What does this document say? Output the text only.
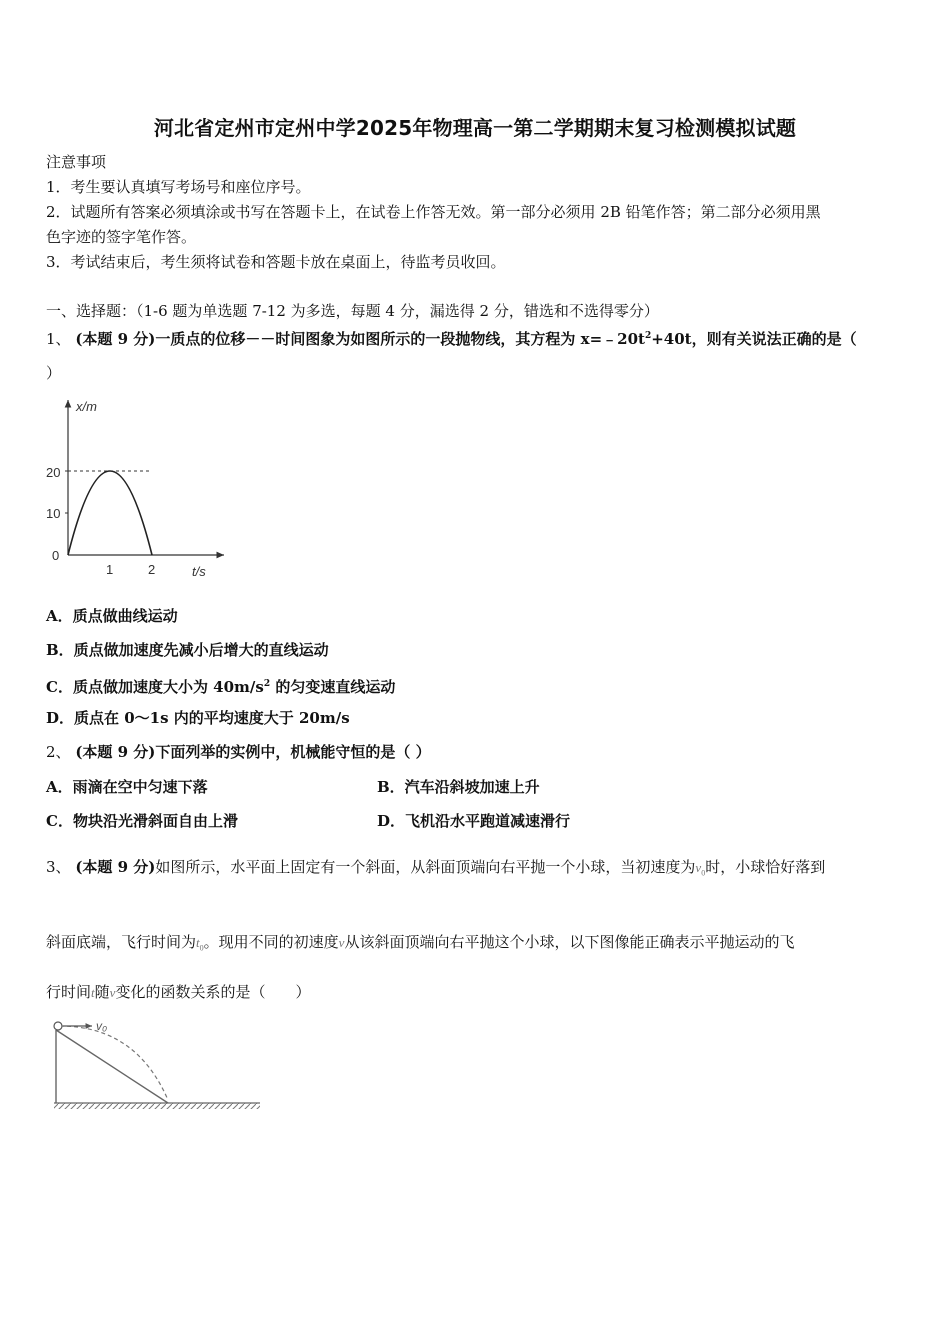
河北省定州市定州中学2025年物理高一第二学期期末复习检测模拟试题
注意事项
1．考生要认真填写考场号和座位序号。
2．试题所有答案必须填涂或书写在答题卡上，在试卷上作答无效。第一部分必须用 2B 铅笔作答；第二部分必须用黑
色字迹的签字笔作答。
3．考试结束后，考生须将试卷和答题卡放在桌面上，待监考员收回。
一、选择题：（1-6 题为单选题 7-12 为多选，每题 4 分，漏选得 2 分，错选和不选得零分）
1、 (本题 9 分)一质点的位移－－时间图象为如图所示的一段抛物线，其方程为 $x=﹣20t^2+40t$，则有关说法正确的是（
）
x/m
t/s
20
10
0
1	2
A．质点做曲线运动
B．质点做加速度先减小后增大的直线运动
C．质点做加速度大小为 $40m/s^2$ 的匀变速直线运动
D．质点在 0～1s 内的平均速度大于 20m/s
2、 (本题 9 分)下面列举的实例中，机械能守恒的是（ ）
A．雨滴在空中匀速下落	B．汽车沿斜坡加速上升
C．物块沿光滑斜面自由上滑	D．飞机沿水平跑道减速滑行
3、 (本题 9 分)如图所示，水平面上固定有一个斜面，从斜面顶端向右平抛一个小球，当初速度为$v_0$时，小球恰好落到
斜面底端，飞行时间为$t_0$。现用不同的初速度v从该斜面顶端向右平抛这个小球，以下图像能正确表示平抛运动的飞
行时间t随v变化的函数关系的是（　　）
v₀
